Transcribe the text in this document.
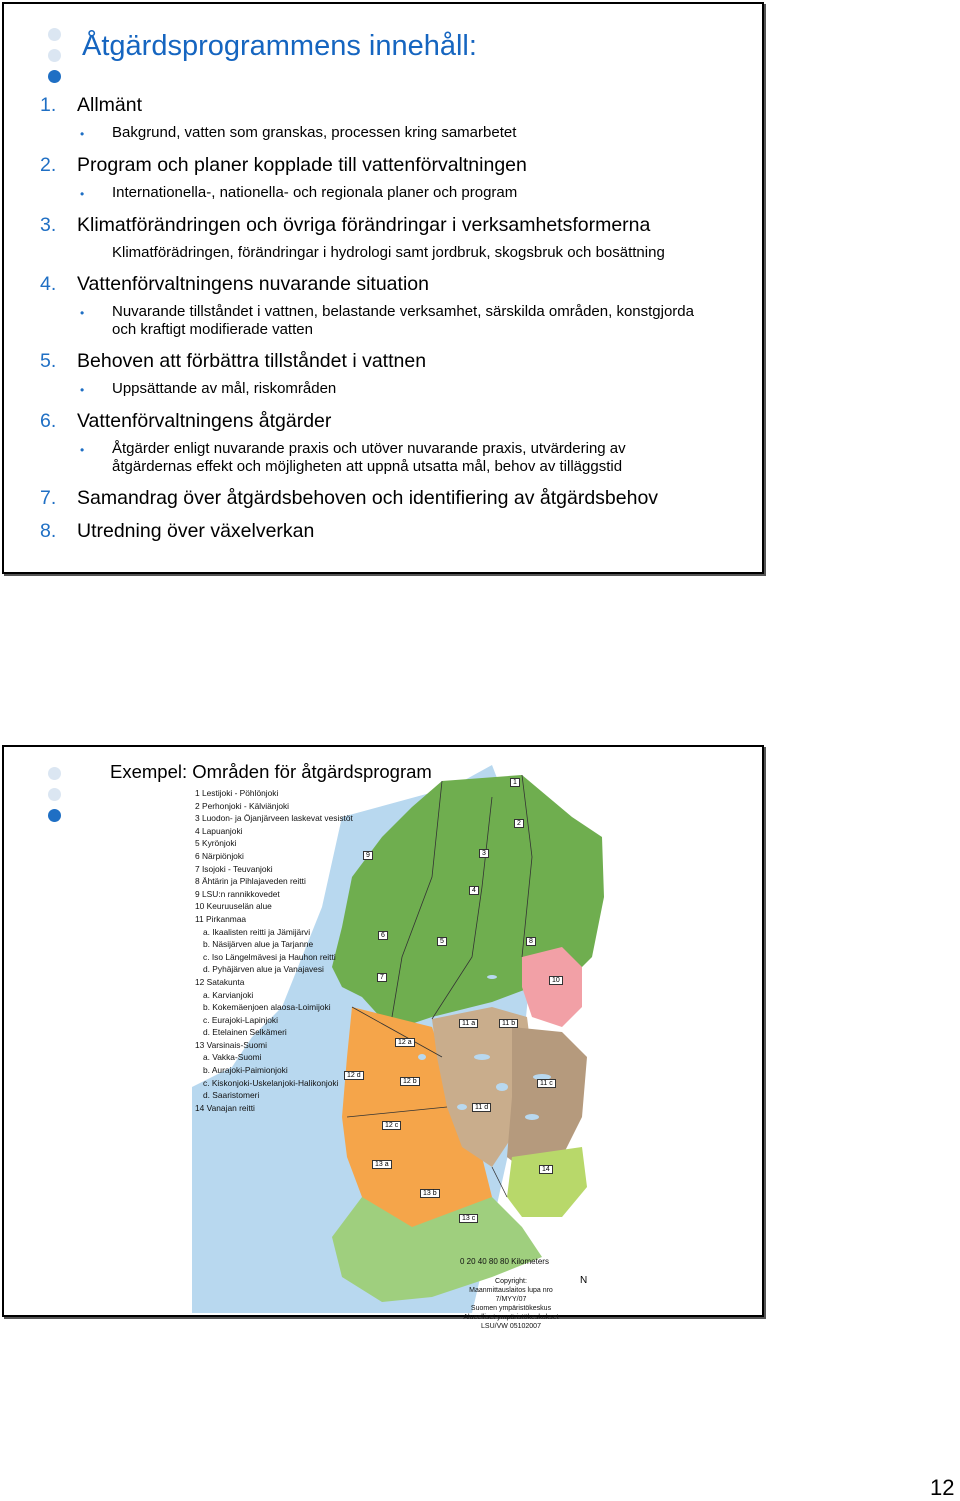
Åtgärdsprogrammens innehåll:
1.	Allmänt
•	Bakgrund, vatten som granskas, processen kring samarbetet
2.	Program och planer kopplade till vattenförvaltningen
•	Internationella-, nationella- och regionala planer och program
3.	Klimatförändringen och övriga förändringar i verksamhetsformerna
Klimatförädringen, förändringar i hydrologi samt jordbruk, skogsbruk och bosättning
4.	Vattenförvaltningens nuvarande situation
•	Nuvarande tillståndet i vattnen, belastande verksamhet, särskilda områden, konstgjorda och kraftigt modifierade vatten
5.	Behoven att förbättra tillståndet i vattnen
•	Uppsättande av mål, riskområden
6.	Vattenförvaltningens åtgärder
•	Åtgärder enligt nuvarande praxis och utöver nuvarande praxis, utvärdering av åtgärdernas effekt och möjligheten att uppnå utsatta mål, behov av tilläggstid
7.	Samandrag över åtgärdsbehoven och identifiering av åtgärdsbehov
8.	Utredning över växelverkan
Exempel: Områden för åtgärdsprogram
1 Lestijoki - Pöhlönjoki
2 Perhonjoki - Kälviänjoki
3 Luodon- ja Öjanjärveen laskevat vesistöt
4 Lapuanjoki
5 Kyrönjoki
6 Närpiönjoki
7 Isojoki - Teuvanjoki
8 Ähtärin ja Pihlajaveden reitti
9 LSU:n rannikkovedet
10 Keuruuselän alue
11 Pirkanmaa
a. Ikaalisten reitti ja Jämijärvi
b. Näsijärven alue ja Tarjanne
c. Iso Längelmävesi ja Hauhon reitti
d. Pyhäjärven alue ja Vanajavesi
12 Satakunta
a. Karvianjoki
b. Kokemäenjoen alaosa-Loimijoki
c. Eurajoki-Lapinjoki
d. Etelainen Selkämeri
13 Varsinais-Suomi
a. Vakka-Suomi
b. Aurajoki-Paimionjoki
c. Kiskonjoki-Uskelanjoki-Halikonjoki
d. Saaristomeri
14 Vanajan reitti
0 20 40 80 80 Kilometers
Copyright:
Maanmittauslaitos lupa nro 7/MYY/07
Suomen ympäristökeskus
Alueelliset ympäristökeskukset
LSU/VW 05102007
N
1
2
3
4
5
6
7
8
9
10
11 a	11 b
11 c
11 d
12 a
12 b
12 c
12 d
13 a
13 b
13 c
14
12
